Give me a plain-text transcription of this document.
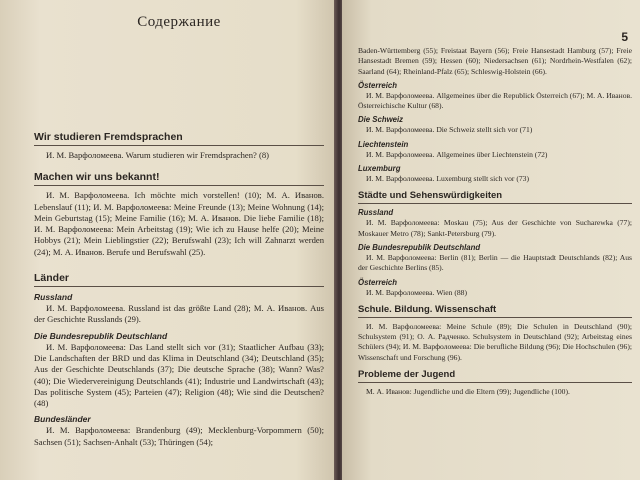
Содержание
Wir studieren Fremdsprachen

И. М. Варфоломеева. Warum studieren wir Fremdsprachen? (8)

Machen wir uns bekannt!

И. М. Варфоломеева. Ich möchte mich vorstellen! (10); М. А. Иванов. Lebenslauf (11); И. М. Варфоломеева: Meine Freunde (13); Meine Wohnung (14); Mein Geburtstag (15); Meine Familie (16); М. А. Иванов. Die liebe Familie (18); И. М. Варфоломеева: Mein Arbeitstag (19); Wie ich zu Hause helfe (20); Meine Hobbys (21); Mein Lieblingstier (22); Berufswahl (23); Ich will Zahnarzt werden (24); М. А. Иванов. Berufe und Berufswahl (25).

Länder
Russland

И. М. Варфоломеева. Russland ist das größte Land (28); М. А. Иванов. Aus der Geschichte Russlands (29).

Die Bundesrepublik Deutschland

И. М. Варфоломеева: Das Land stellt sich vor (31); Staatlicher Aufbau (33); Die Landschaften der BRD und das Klima in Deutschland (34); Deutschland (35); Aus der Geschichte Deutschlands (37); Die deutsche Sprache (38); Wann? Was? (40); Die Wiedervereinigung Deutschlands (41); Industrie und Landwirtschaft (43); Das politische System (45); Parteien (47); Religion (48); Wie sind die Deutschen? (48)

Bundesländer

И. М. Варфоломеева: Brandenburg (49); Mecklenburg-Vorpommern (50); Sachsen (51); Sachsen-Anhalt (53); Thüringen (54);

5

Baden-Württemberg (55); Freistaat Bayern (56); Freie Hansestadt Hamburg (57); Freie Hansestadt Bremen (59); Hessen (60); Niedersachsen (61); Nordrhein-Westfalen (62); Saarland (64); Rheinland-Pfalz (65); Schleswig-Holstein (66).

Österreich

И. М. Варфоломеева. Allgemeines über die Republick Österreich (67); М. А. Иванов. Österreichische Kultur (68).

Die Schweiz

И. М. Варфоломеева. Die Schweiz stellt sich vor (71)

Liechtenstein

И. М. Варфоломеева. Allgemeines über Liechtenstein (72)

Luxemburg

И. М. Варфоломеева. Luxemburg stellt sich vor (73)

Städte und Sehenswürdigkeiten
Russland

И. М. Варфоломеева: Moskau (75); Aus der Geschichte von Sucharewka (77); Moskauer Metro (78); Sankt-Petersburg (79).

Die Bundesrepublik Deutschland

И. М. Варфоломеева: Berlin (81); Berlin — die Hauptstadt Deutschlands (82); Aus der Geschichte Berlins (85).

Österreich

И. М. Варфоломеева. Wien (88)

Schule. Bildung. Wissenschaft

И. М. Варфоломеева: Meine Schule (89); Die Schulen in Deutschland (90); Schulsystem (91); О. А. Радченко. Schulsystem in Deutschland (92); Arbeitstag eines Schülers (94); И. М. Варфоломеева: Die berufliche Bildung (96); Die Hochschulen (96); Wissenschaft und Forschung (96).

Probleme der Jugend

М. А. Иванов: Jugendliche und die Eltern (99); Jugendliche (100).
